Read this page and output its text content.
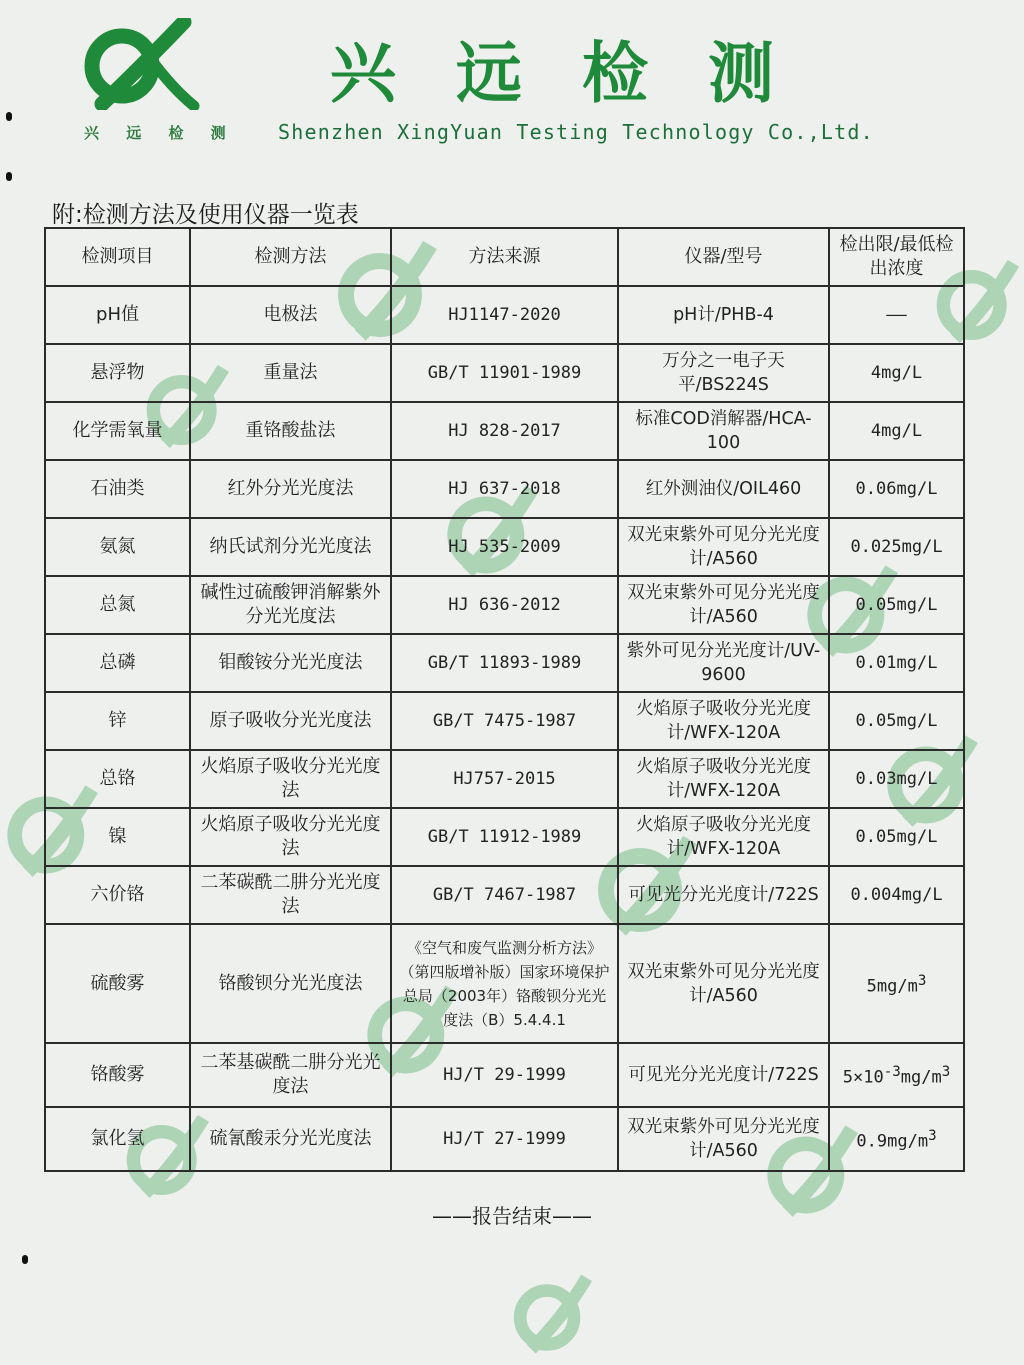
兴 远 检 测
兴远检测
Shenzhen XingYuan Testing Technology Co.,Ltd.
附:检测方法及使用仪器一览表
检测项目	检测方法	方法来源	仪器/型号	检出限/最低检出浓度
pH值	电极法	HJ1147-2020	pH计/PHB-4	——
悬浮物	重量法	GB/T 11901-1989	万分之一电子天平/BS224S	4mg/L
化学需氧量	重铬酸盐法	HJ 828-2017	标准COD消解器/HCA-100	4mg/L
石油类	红外分光光度法	HJ 637-2018	红外测油仪/OIL460	0.06mg/L
氨氮	纳氏试剂分光光度法	HJ 535-2009	双光束紫外可见分光光度计/A560	0.025mg/L
总氮	碱性过硫酸钾消解紫外分光光度法	HJ 636-2012	双光束紫外可见分光光度计/A560	0.05mg/L
总磷	钼酸铵分光光度法	GB/T 11893-1989	紫外可见分光光度计/UV-9600	0.01mg/L
锌	原子吸收分光光度法	GB/T 7475-1987	火焰原子吸收分光光度计/WFX-120A	0.05mg/L
总铬	火焰原子吸收分光光度法	HJ757-2015	火焰原子吸收分光光度计/WFX-120A	0.03mg/L
镍	火焰原子吸收分光光度法	GB/T 11912-1989	火焰原子吸收分光光度计/WFX-120A	0.05mg/L
六价铬	二苯碳酰二肼分光光度法	GB/T 7467-1987	可见光分光光度计/722S	0.004mg/L
硫酸雾	铬酸钡分光光度法	《空气和废气监测分析方法》（第四版增补版）国家环境保护总局（2003年）铬酸钡分光光度法（B）5.4.4.1	双光束紫外可见分光光度计/A560	$5mg/m^3$
铬酸雾	二苯基碳酰二肼分光光度法	HJ/T 29-1999	可见光分光光度计/722S	$5\times 10^{-3}mg/m^3$
氯化氢	硫氰酸汞分光光度法	HJ/T 27-1999	双光束紫外可见分光光度计/A560	$0.9mg/m^3$
——报告结束——
